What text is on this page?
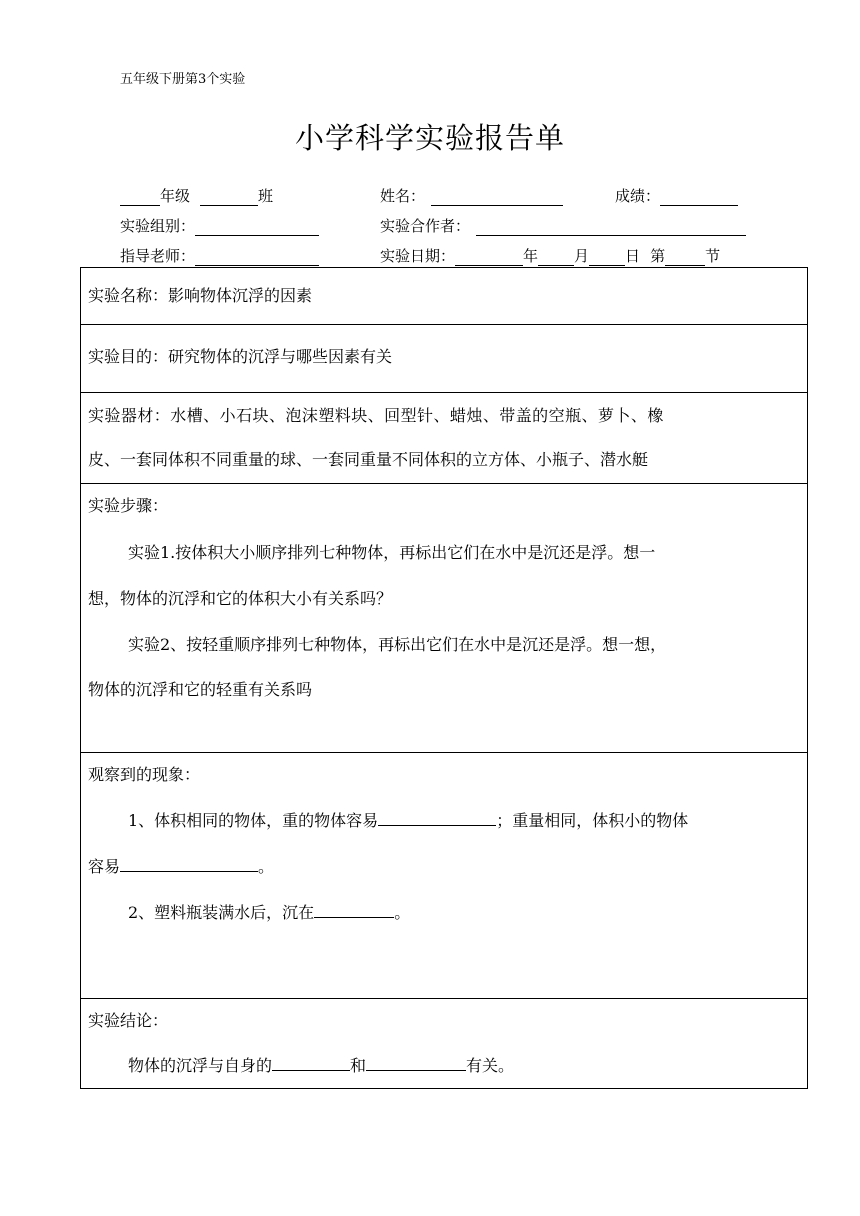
五年级下册第3个实验
小学科学实验报告单
年级	班	姓名：	成绩：
实验组别：	实验合作者：
指导老师：	实验日期：	年 月 日 第	节
实验名称：影响物体沉浮的因素
实验目的：研究物体的沉浮与哪些因素有关
实验器材：水槽、小石块、泡沫塑料块、回型针、蜡烛、带盖的空瓶、萝卜、橡
皮、一套同体积不同重量的球、一套同重量不同体积的立方体、小瓶子、潜水艇
实验步骤：
实验1.按体积大小顺序排列七种物体，再标出它们在水中是沉还是浮。想一
想，物体的沉浮和它的体积大小有关系吗？
实验2、按轻重顺序排列七种物体，再标出它们在水中是沉还是浮。想一想，
物体的沉浮和它的轻重有关系吗
观察到的现象：
1、体积相同的物体，重的物体容易	；重量相同，体积小的物体
容易	。
2、塑料瓶装满水后，沉在	。
实验结论：
物体的沉浮与自身的	和	有关。
